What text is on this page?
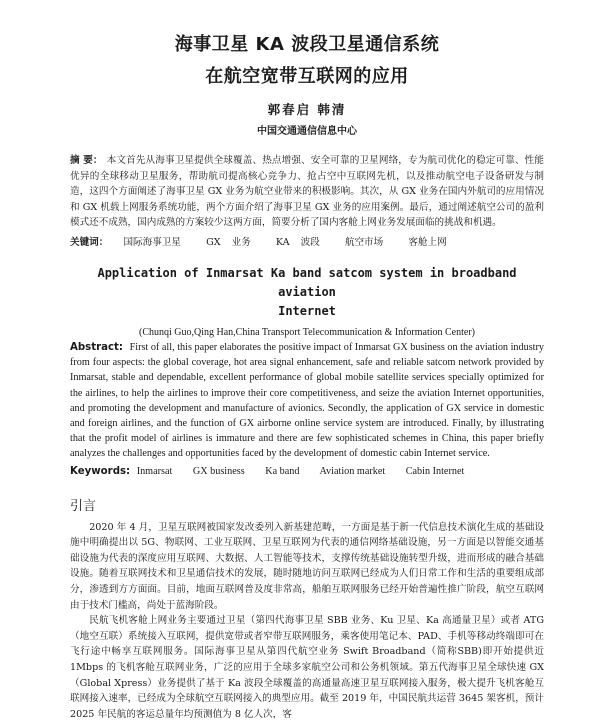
海事卫星 KA 波段卫星通信系统
在航空宽带互联网的应用
郭春启 韩清
中国交通通信信息中心
摘 要： 本文首先从海事卫星提供全球覆盖、热点增强、安全可靠的卫星网络，专为航司优化的稳定可靠、性能优异的全球移动卫星服务，帮助航司提高核心竞争力、抢占空中互联网先机，以及推动航空电子设备研发与制造，这四个方面阐述了海事卫星 GX 业务为航空业带来的积极影响。其次，从 GX 业务在国内外航司的应用情况和 GX 机载上网服务系统功能，两个方面介绍了海事卫星 GX 业务的应用案例。最后，通过阐述航空公司的盈利模式还不成熟，国内成熟的方案较少这两方面，简要分析了国内客舱上网业务发展面临的挑战和机遇。
关键词： 国际海事卫星	GX 业务	KA 波段	航空市场	客舱上网
Application of Inmarsat Ka band satcom system in broadband aviation
Internet
(Chunqi Guo,Qing Han,China Transport Telecommunication & Information Center)
Abstract: First of all, this paper elaborates the positive impact of Inmarsat GX business on the aviation industry from four aspects: the global coverage, hot area signal enhancement, safe and reliable satcom network provided by Inmarsat, stable and dependable, excellent performance of global mobile satellite services specially optimized for the airlines, to help the airlines to improve their core competitiveness, and seize the aviation Internet opportunities, and promoting the development and manufacture of avionics. Secondly, the application of GX service in domestic and foreign airlines, and the function of GX airborne online service system are introduced. Finally, by illustrating that the profit model of airlines is immature and there are few sophisticated schemes in China, this paper briefly analyzes the challenges and opportunities faced by the development of domestic cabin Internet service.
Keywords: Inmarsat GX business Ka band Aviation market Cabin Internet
引言

2020 年 4 月，卫星互联网被国家发改委列入新基建范畴，一方面是基于新一代信息技术演化生成的基础设施中明确提出以 5G、物联网、工业互联网、卫星互联网为代表的通信网络基础设施，另一方面是以智能交通基础设施为代表的深度应用互联网、大数据、人工智能等技术，支撑传统基础设施转型升级，进而形成的融合基础设施。随着互联网技术和卫星通信技术的发展，随时随地访问互联网已经成为人们日常工作和生活的重要组成部分，渗透到方方面面。目前，地面互联网普及度非常高，船舶互联网服务已经开始普遍性推广阶段，航空互联网由于技术门槛高，尚处于蓝海阶段。

民航飞机客舱上网业务主要通过卫星（第四代海事卫星 SBB 业务、Ku 卫星、Ka 高通量卫星）或者 ATG（地空互联）系统接入互联网，提供宽带或者窄带互联网服务，乘客使用笔记本、PAD、手机等移动终端即可在飞行途中畅享互联网服务。国际海事卫星从第四代航空业务 Swift Broadband（简称SBB)即开始提供近 1Mbps 的飞机客舱互联网业务，广泛的应用于全球多家航空公司和公务机领域。第五代海事卫星全球快速 GX（Global Xpress）业务提供了基于 Ka 波段全球覆盖的高通量高速卫星互联网接入服务，极大提升飞机客舱互联网接入速率，已经成为全球航空互联网接入的典型应用。截至 2019 年，中国民航共运营 3645 架客机，预计 2025 年民航的客运总量年均预测值为 8 亿人次，客
